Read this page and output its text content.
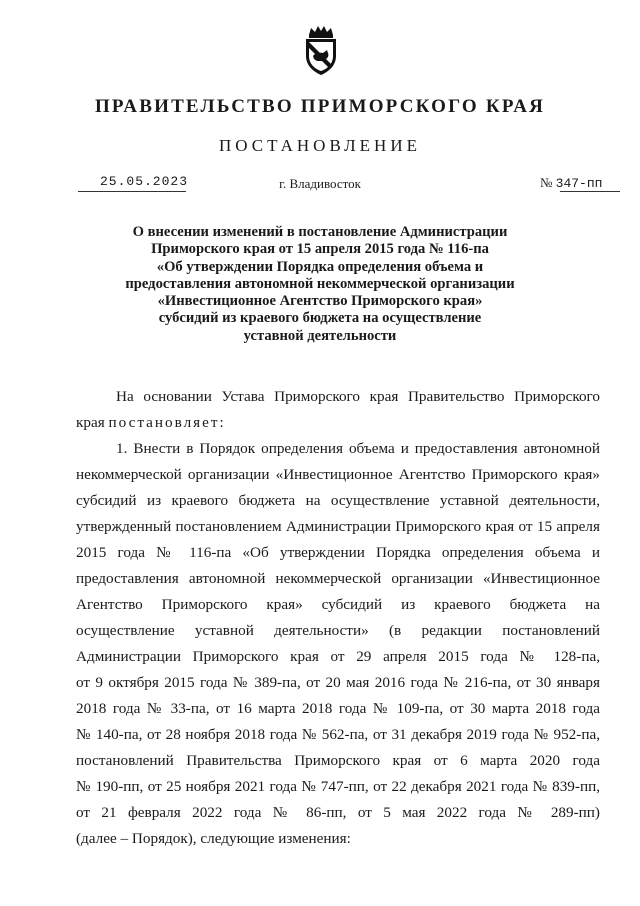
ПРАВИТЕЛЬСТВО ПРИМОРСКОГО КРАЯ
ПОСТАНОВЛЕНИЕ
25.05.2023	г. Владивосток	№ 347-пп
О внесении изменений в постановление Администрации
Приморского края от 15 апреля 2015 года № 116-па
«Об утверждении Порядка определения объема и
предоставления автономной некоммерческой организации
«Инвестиционное Агентство Приморского края»
субсидий из краевого бюджета на осуществление
уставной деятельности
На основании Устава Приморского края Правительство Приморского
края постановляет:
1. Внести в Порядок определения объема и предоставления автономной
некоммерческой организации «Инвестиционное Агентство Приморского края»
субсидий из краевого бюджета на осуществление уставной деятельности,
утвержденный постановлением Администрации Приморского края от 15 апреля
2015 года № 116-па «Об утверждении Порядка определения объема и
предоставления автономной некоммерческой организации «Инвестиционное
Агентство Приморского края» субсидий из краевого бюджета на
осуществление уставной деятельности» (в редакции постановлений
Администрации Приморского края от 29 апреля 2015 года № 128-па,
от 9 октября 2015 года № 389-па, от 20 мая 2016 года № 216-па, от 30 января
2018 года № 33-па, от 16 марта 2018 года № 109-па, от 30 марта 2018 года
№ 140-па, от 28 ноября 2018 года № 562-па, от 31 декабря 2019 года № 952-па,
постановлений Правительства Приморского края от 6 марта 2020 года
№ 190-пп, от 25 ноября 2021 года № 747-пп, от 22 декабря 2021 года № 839-пп,
от 21 февраля 2022 года № 86-пп, от 5 мая 2022 года № 289-пп)
(далее – Порядок), следующие изменения:
